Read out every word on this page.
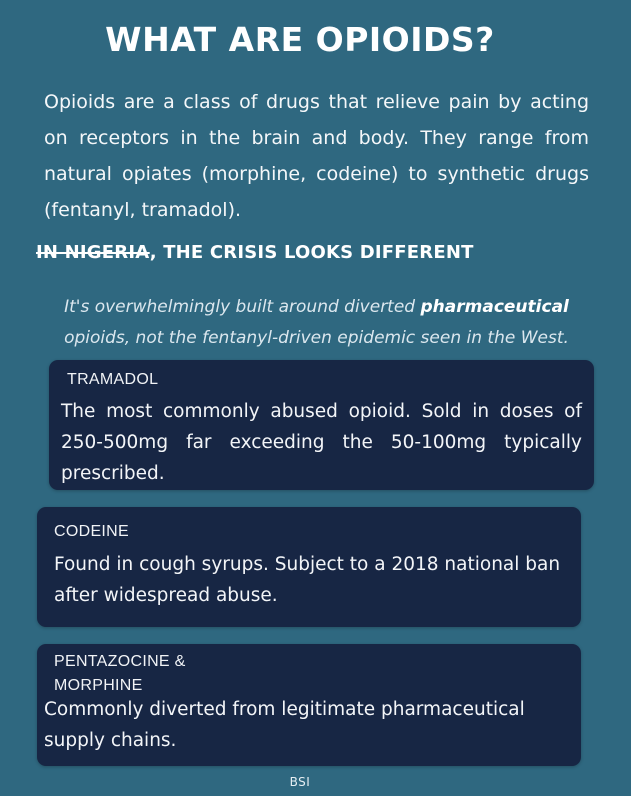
WHAT ARE OPIOIDS?
Opioids are a class of drugs that relieve pain by acting on receptors in the brain and body. They range from natural opiates (morphine, codeine) to synthetic drugs (fentanyl, tramadol).
IN NIGERIA, THE CRISIS LOOKS DIFFERENT
It's overwhelmingly built around diverted pharmaceutical opioids, not the fentanyl-driven epidemic seen in the West.
TRAMADOL
The most commonly abused opioid. Sold in doses of 250-500mg far exceeding the 50-100mg typically prescribed.
CODEINE
Found in cough syrups. Subject to a 2018 national ban after widespread abuse.
PENTAZOCINE & MORPHINE
Commonly diverted from legitimate pharmaceutical supply chains.
BSI
